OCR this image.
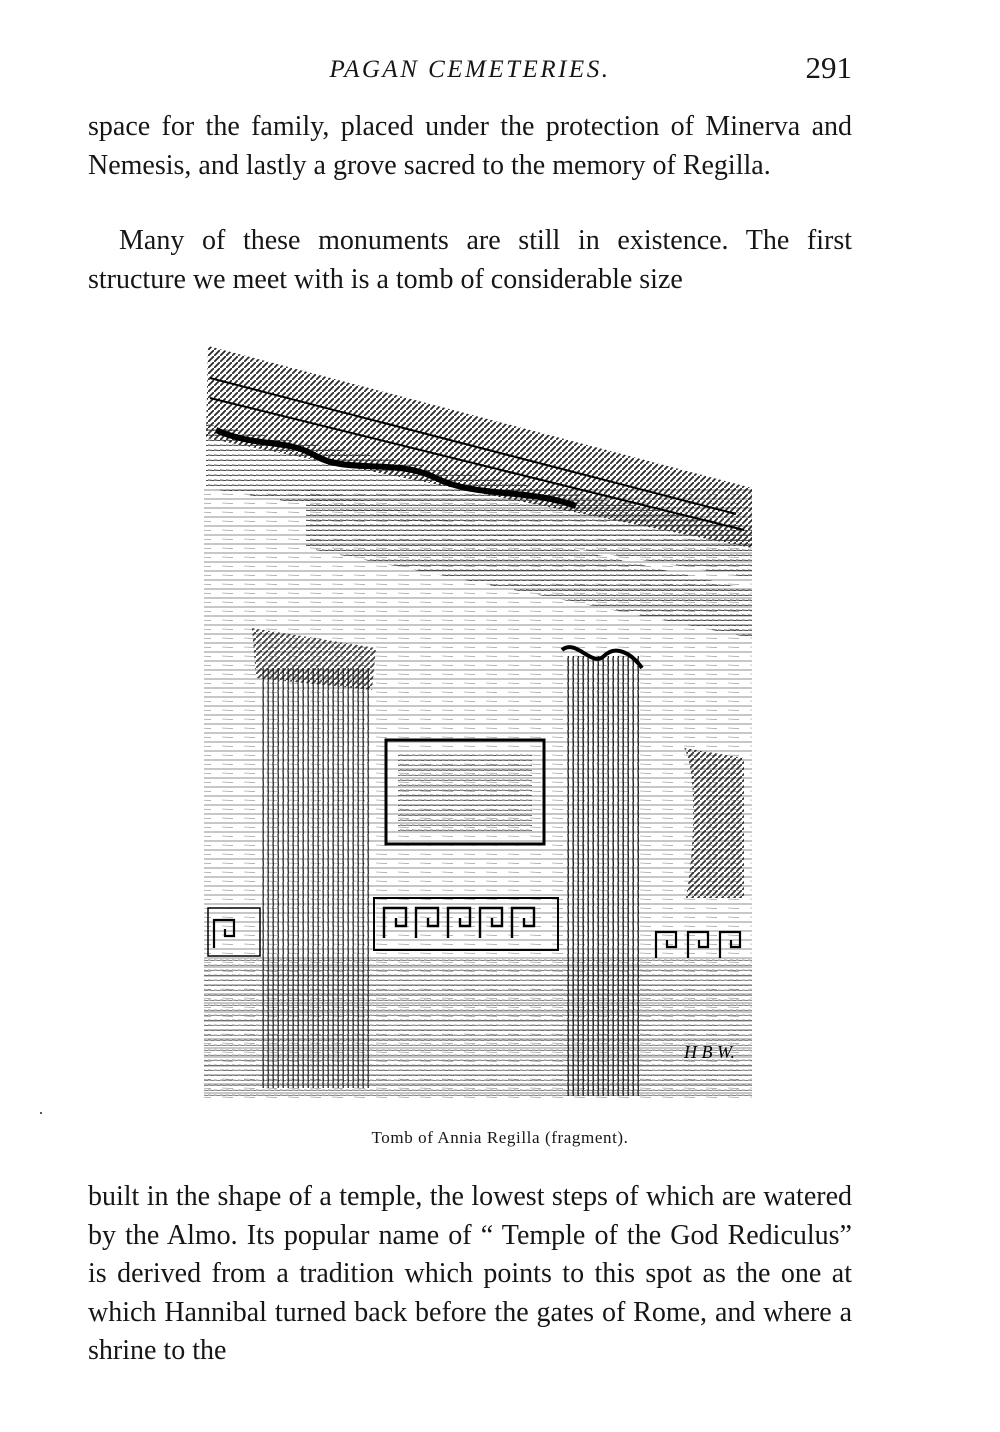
PAGAN CEMETERIES.	291

space for the family, placed under the protection of Minerva and Nemesis, and lastly a grove sacred to the memory of Regilla.

Many of these monuments are still in existence. The first structure we meet with is a tomb of considerable size

H B W.
Tomb of Annia Regilla (fragment).

built in the shape of a temple, the lowest steps of which are watered by the Almo. Its popular name of “ Temple of the God Rediculus” is derived from a tradition which points to this spot as the one at which Hannibal turned back before the gates of Rome, and where a shrine to the
